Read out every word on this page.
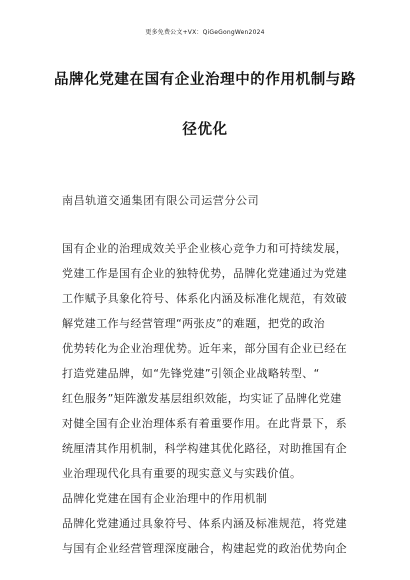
更多免费公文+VX：QiGeGongWen2024
品牌化党建在国有企业治理中的作用机制与路
径优化
南昌轨道交通集团有限公司运营分公司
国有企业的治理成效关乎企业核心竞争力和可持续发展，
党建工作是国有企业的独特优势，品牌化党建通过为党建
工作赋予具象化符号、体系化内涵及标准化规范，有效破
解党建工作与经营管理“两张皮”的难题，把党的政治
优势转化为企业治理优势。近年来，部分国有企业已经在
打造党建品牌，如“先锋党建”引领企业战略转型、“
红色服务”矩阵激发基层组织效能，均实证了品牌化党建
对健全国有企业治理体系有着重要作用。在此背景下，系
统厘清其作用机制，科学构建其优化路径，对助推国有企
业治理现代化具有重要的现实意义与实践价值。
品牌化党建在国有企业治理中的作用机制
品牌化党建通过具象符号、体系内涵及标准规范，将党建
与国有企业经营管理深度融合，构建起党的政治优势向企
